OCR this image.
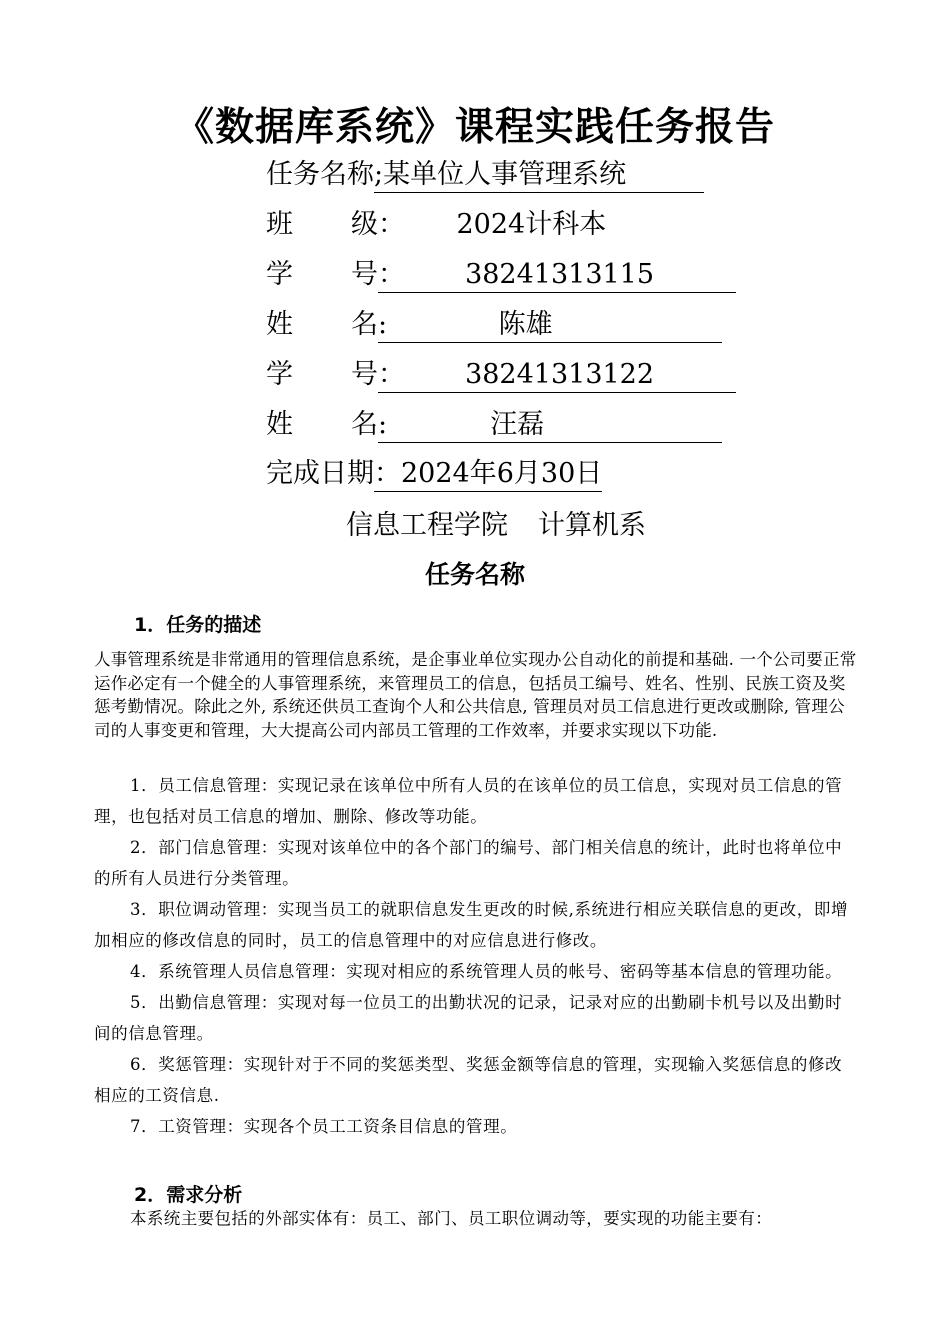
《数据库系统》课程实践任务报告
任务名称;某单位人事管理系统
班 级 ：      2024计科本
学 号 ：       38241313115
姓 名 :             陈雄
学 号 ：       38241313122
姓 名 :            汪磊
完成日期：2024年6月30日
信息工程学院 计算机系
任务名称
1．任务的描述
人事管理系统是非常通用的管理信息系统，是企事业单位实现办公自动化的前提和基础. 一个公司要正常运作必定有一个健全的人事管理系统，来管理员工的信息，包括员工编号、姓名、性别、民族工资及奖惩考勤情况。除此之外, 系统还供员工查询个人和公共信息, 管理员对员工信息进行更改或删除, 管理公司的人事变更和管理，大大提高公司内部员工管理的工作效率，并要求实现以下功能.

1．员工信息管理：实现记录在该单位中所有人员的在该单位的员工信息，实现对员工信息的管理，也包括对员工信息的增加、删除、修改等功能。

2．部门信息管理：实现对该单位中的各个部门的编号、部门相关信息的统计，此时也将单位中的所有人员进行分类管理。

3．职位调动管理：实现当员工的就职信息发生更改的时候,系统进行相应关联信息的更改，即增加相应的修改信息的同时，员工的信息管理中的对应信息进行修改。

4．系统管理人员信息管理：实现对相应的系统管理人员的帐号、密码等基本信息的管理功能。

5．出勤信息管理：实现对每一位员工的出勤状况的记录，记录对应的出勤刷卡机号以及出勤时间的信息管理。

6．奖惩管理：实现针对于不同的奖惩类型、奖惩金额等信息的管理，实现输入奖惩信息的修改相应的工资信息.

7．工资管理：实现各个员工工资条目信息的管理。

2．需求分析
本系统主要包括的外部实体有：员工、部门、员工职位调动等，要实现的功能主要有：
